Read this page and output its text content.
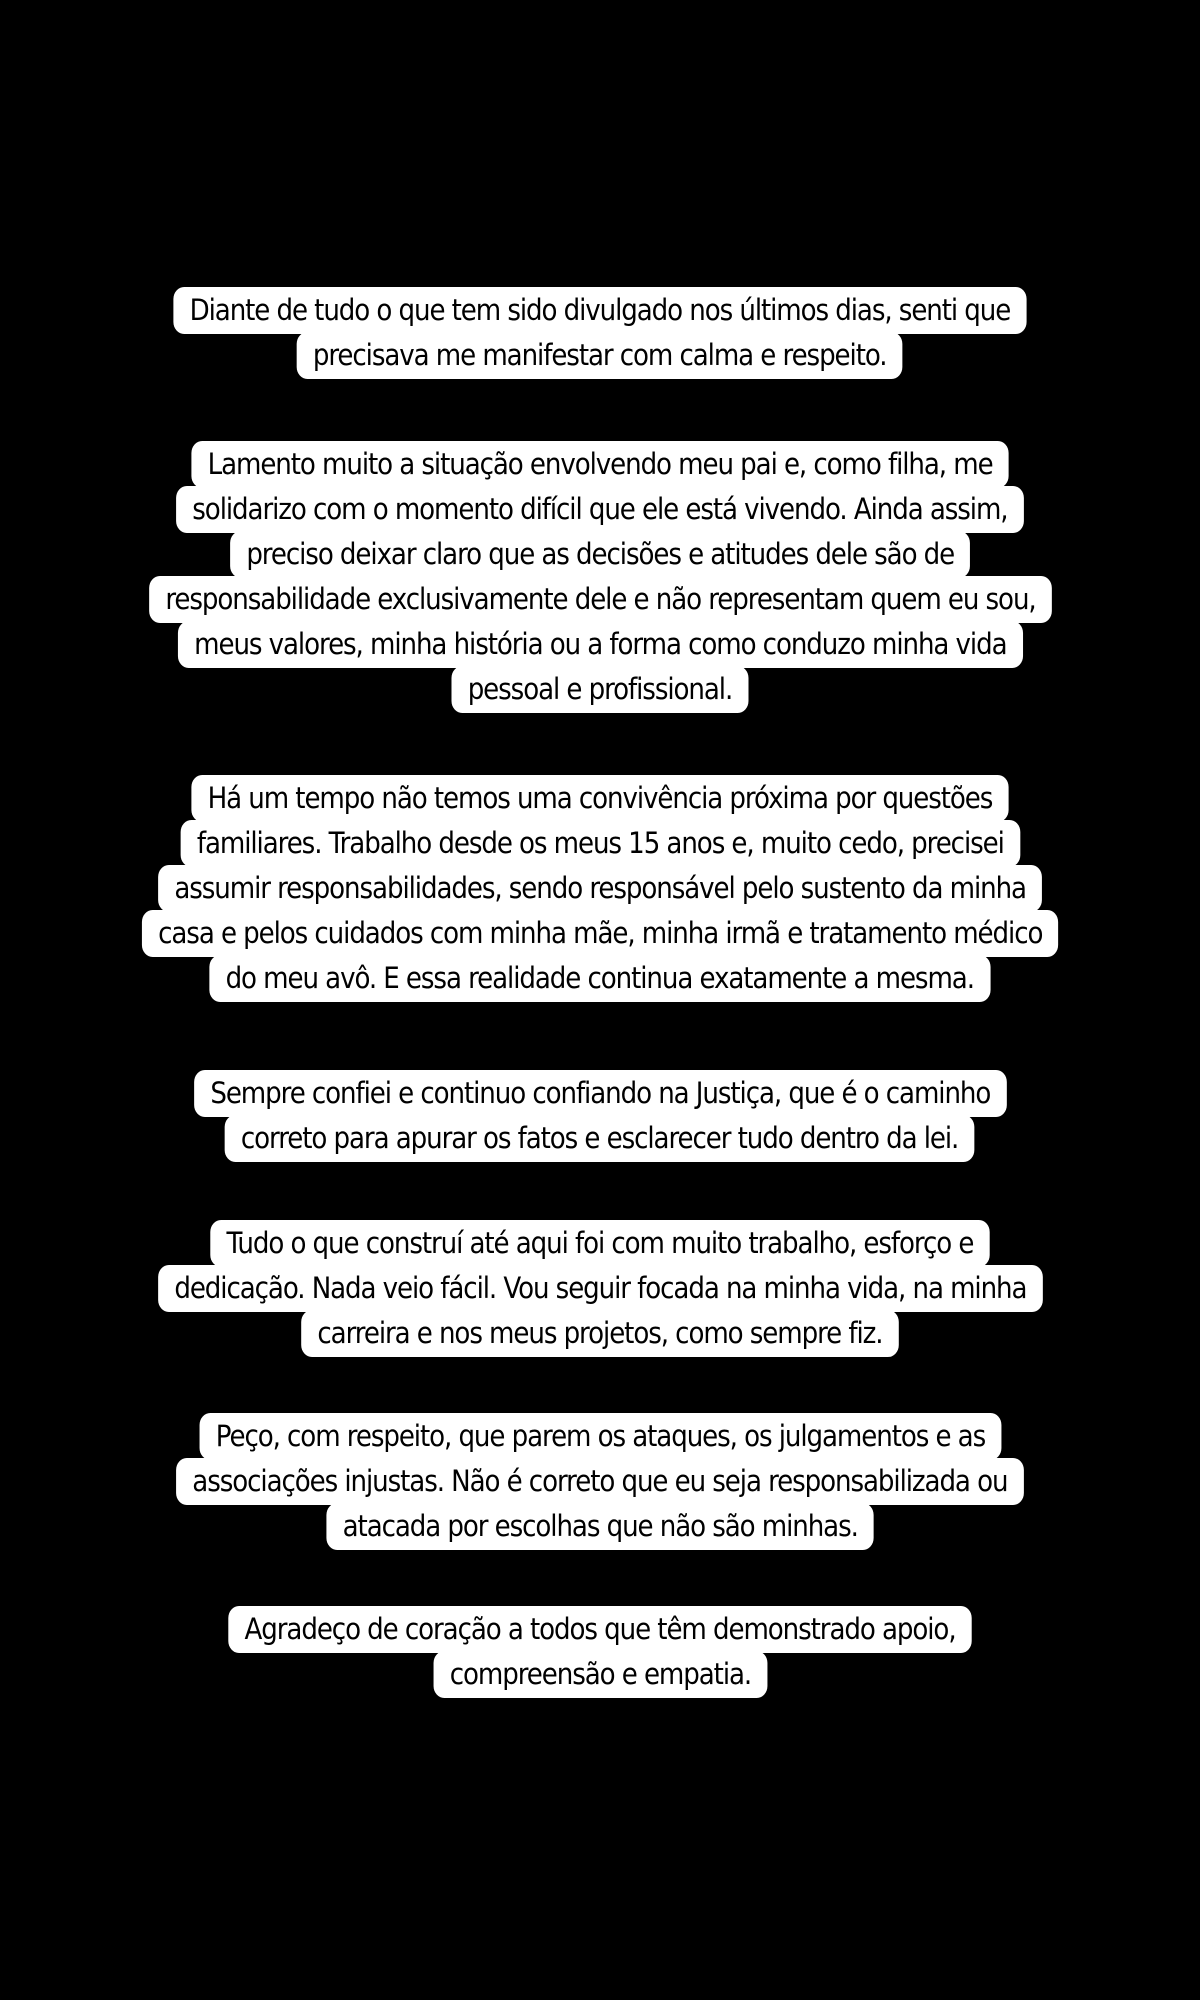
Diante de tudo o que tem sido divulgado nos últimos dias, senti que
precisava me manifestar com calma e respeito.
Lamento muito a situação envolvendo meu pai e, como filha, me
solidarizo com o momento difícil que ele está vivendo. Ainda assim,
preciso deixar claro que as decisões e atitudes dele são de
responsabilidade exclusivamente dele e não representam quem eu sou,
meus valores, minha história ou a forma como conduzo minha vida
pessoal e profissional.
Há um tempo não temos uma convivência próxima por questões
familiares. Trabalho desde os meus 15 anos e, muito cedo, precisei
assumir responsabilidades, sendo responsável pelo sustento da minha
casa e pelos cuidados com minha mãe, minha irmã e tratamento médico
do meu avô. E essa realidade continua exatamente a mesma.
Sempre confiei e continuo confiando na Justiça, que é o caminho
correto para apurar os fatos e esclarecer tudo dentro da lei.
Tudo o que construí até aqui foi com muito trabalho, esforço e
dedicação. Nada veio fácil. Vou seguir focada na minha vida, na minha
carreira e nos meus projetos, como sempre fiz.
Peço, com respeito, que parem os ataques, os julgamentos e as
associações injustas. Não é correto que eu seja responsabilizada ou
atacada por escolhas que não são minhas.
Agradeço de coração a todos que têm demonstrado apoio,
compreensão e empatia.
